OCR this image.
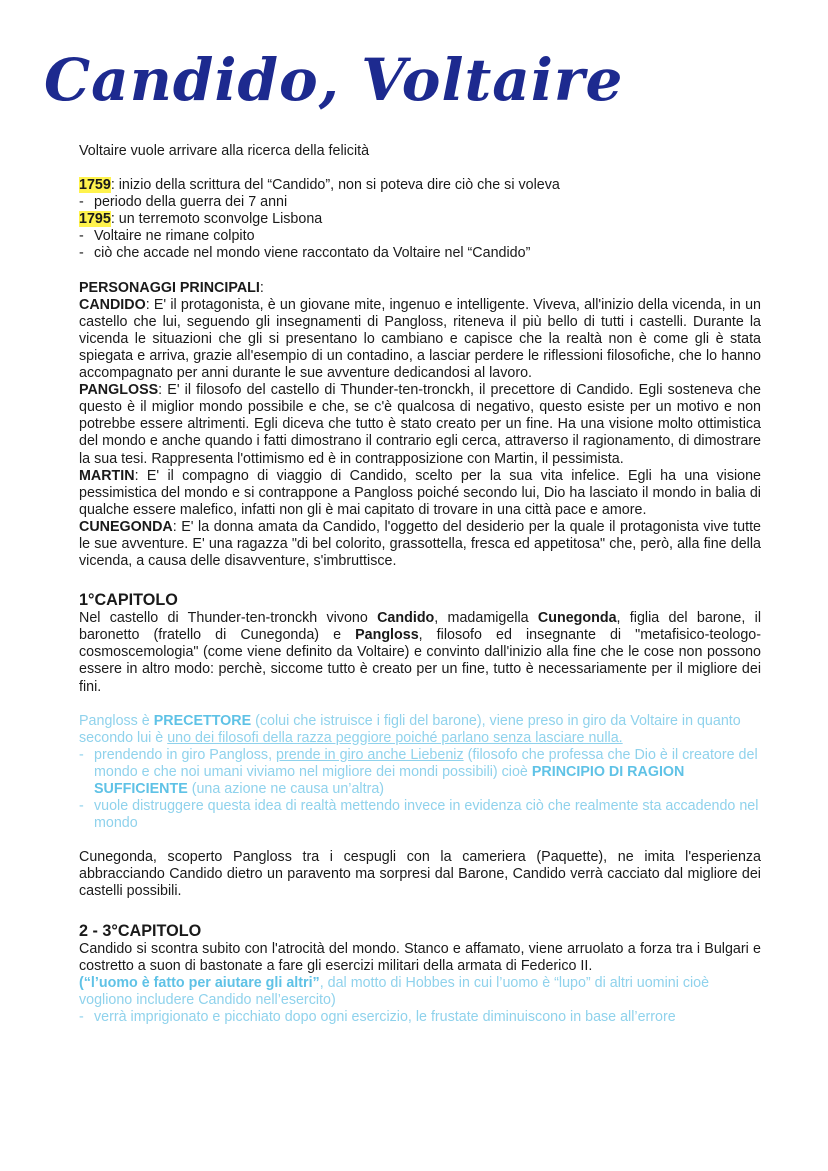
Candido, Voltaire

Voltaire vuole arrivare alla ricerca della felicità

1759: inizio della scrittura del “Candido”, non si poteva dire ciò che si voleva

- periodo della guerra dei 7 anni

1795: un terremoto sconvolge Lisbona

- Voltaire ne rimane colpito
- ciò che accade nel mondo viene raccontato da Voltaire nel “Candido”

PERSONAGGI PRINCIPALI:

CANDIDO: E' il protagonista, è un giovane mite, ingenuo e intelligente. Viveva, all'inizio della vicenda, in un castello che lui, seguendo gli insegnamenti di Pangloss, riteneva il più bello di tutti i castelli. Durante la vicenda le situazioni che gli si presentano lo cambiano e capisce che la realtà non è come gli è stata spiegata e arriva, grazie all'esempio di un contadino, a lasciar perdere le riflessioni filosofiche, che lo hanno accompagnato per anni durante le sue avventure dedicandosi al lavoro.

PANGLOSS: E' il filosofo del castello di Thunder-ten-tronckh, il precettore di Candido. Egli sosteneva che questo è il miglior mondo possibile e che, se c'è qualcosa di negativo, questo esiste per un motivo e non potrebbe essere altrimenti. Egli diceva che tutto è stato creato per un fine. Ha una visione molto ottimistica del mondo e anche quando i fatti dimostrano il contrario egli cerca, attraverso il ragionamento, di dimostrare la sua tesi. Rappresenta l'ottimismo ed è in contrapposizione con Martin, il pessimista.

MARTIN: E' il compagno di viaggio di Candido, scelto per la sua vita infelice. Egli ha una visione pessimistica del mondo e si contrappone a Pangloss poiché secondo lui, Dio ha lasciato il mondo in balia di qualche essere malefico, infatti non gli è mai capitato di trovare in una città pace e amore.

CUNEGONDA: E' la donna amata da Candido, l'oggetto del desiderio per la quale il protagonista vive tutte le sue avventure. E' una ragazza "di bel colorito, grassottella, fresca ed appetitosa" che, però, alla fine della vicenda, a causa delle disavventure, s'imbruttisce.

1°CAPITOLO

Nel castello di Thunder-ten-tronckh vivono Candido, madamigella Cunegonda, figlia del barone, il baronetto (fratello di Cunegonda) e Pangloss, filosofo ed insegnante di "metafisico-teologo-cosmoscemologia" (come viene definito da Voltaire) e convinto dall'inizio alla fine che le cose non possono essere in altro modo: perchè, siccome tutto è creato per un fine, tutto è necessariamente per il migliore dei fini.

Pangloss è PRECETTORE (colui che istruisce i figli del barone), viene preso in giro da Voltaire in quanto secondo lui è uno dei filosofi della razza peggiore poiché parlano senza lasciare nulla.

- prendendo in giro Pangloss, prende in giro anche Liebeniz (filosofo che professa che Dio è il creatore del mondo e che noi umani viviamo nel migliore dei mondi possibili) cioè PRINCIPIO DI RAGION SUFFICIENTE (una azione ne causa un’altra)
- vuole distruggere questa idea di realtà mettendo invece in evidenza ciò che realmente sta accadendo nel mondo

Cunegonda, scoperto Pangloss tra i cespugli con la cameriera (Paquette), ne imita l'esperienza abbracciando Candido dietro un paravento ma sorpresi dal Barone, Candido verrà cacciato dal migliore dei castelli possibili.

2 - 3°CAPITOLO

Candido si scontra subito con l'atrocità del mondo. Stanco e affamato, viene arruolato a forza tra i Bulgari e costretto a suon di bastonate a fare gli esercizi militari della armata di Federico II.

(“l’uomo è fatto per aiutare gli altri”, dal motto di Hobbes in cui l’uomo è “lupo” di altri uomini cioè vogliono includere Candido nell’esercito)

- verrà imprigionato e picchiato dopo ogni esercizio, le frustate diminuiscono in base all’errore
